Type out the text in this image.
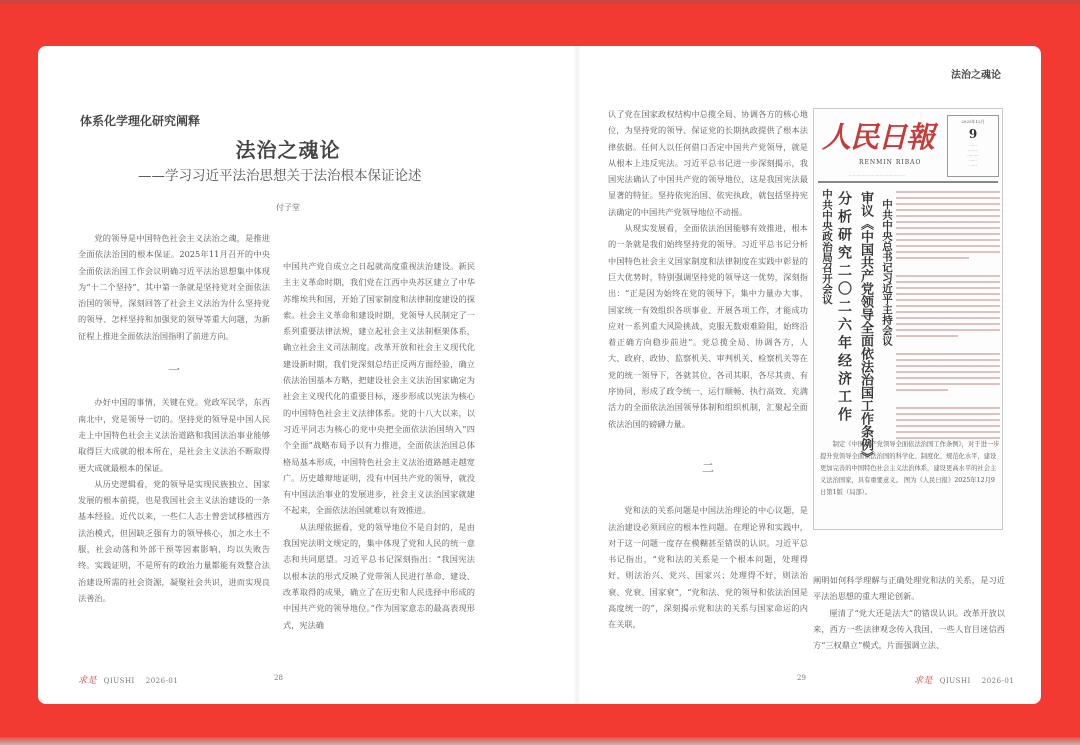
法治之魂论
体系化学理化研究阐释
法治之魂论
——学习习近平法治思想关于法治根本保证论述
付子堂

党的领导是中国特色社会主义法治之魂，是推进全面依法治国的根本保证。2025年11月召开的中央全面依法治国工作会议明确习近平法治思想集中体现为“十二个坚持”，其中第一条就是坚持党对全面依法治国的领导，深刻回答了社会主义法治为什么坚持党的领导、怎样坚持和加强党的领导等重大问题，为新征程上推进全面依法治国指明了前进方向。

一

办好中国的事情，关键在党。党政军民学，东西南北中，党是领导一切的。坚持党的领导是中国人民走上中国特色社会主义法治道路和我国法治事业能够取得巨大成就的根本所在，是社会主义法治不断取得更大成就最根本的保证。

从历史逻辑看，党的领导是实现民族独立、国家发展的根本前提，也是我国社会主义法治建设的一条基本经验。近代以来，一些仁人志士曾尝试移植西方法治模式，但因缺乏强有力的领导核心，加之水土不服，社会动荡和外部干预等因素影响，均以失败告终。实践证明，不是所有的政治力量都能有效整合法治建设所需的社会资源，凝聚社会共识，进而实现良法善治。

中国共产党自成立之日起就高度重视法治建设。新民主主义革命时期，我们党在江西中央苏区建立了中华苏维埃共和国，开始了国家制度和法律制度建设的探索。社会主义革命和建设时期，党领导人民制定了一系列重要法律法规，建立起社会主义法制框架体系，确立社会主义司法制度。改革开放和社会主义现代化建设新时期，我们党深刻总结正反两方面经验，确立依法治国基本方略，把建设社会主义法治国家确定为社会主义现代化的重要目标，逐步形成以宪法为核心的中国特色社会主义法律体系。党的十八大以来，以习近平同志为核心的党中央把全面依法治国纳入“四个全面”战略布局予以有力推进，全面依法治国总体格局基本形成，中国特色社会主义法治道路越走越宽广。历史雄辩地证明，没有中国共产党的领导，就没有中国法治事业的发展进步，社会主义法治国家就建不起来，全面依法治国就难以有效推进。

从法理依据看，党的领导地位不是自封的，是由我国宪法明文规定的，集中体现了党和人民的统一意志和共同愿望。习近平总书记深刻指出：“我国宪法以根本法的形式反映了党带领人民进行革命、建设、改革取得的成果，确立了在历史和人民选择中形成的中国共产党的领导地位。”作为国家意志的最高表现形式，宪法确

认了党在国家政权结构中总揽全局、协调各方的核心地位，为坚持党的领导、保证党的长期执政提供了根本法律依据。任何人以任何借口否定中国共产党领导，就是从根本上违反宪法。习近平总书记进一步深刻揭示，我国宪法确认了中国共产党的领导地位，这是我国宪法最显著的特征。坚持依宪治国、依宪执政，就包括坚持宪法确定的中国共产党领导地位不动摇。

从现实发展看，全面依法治国能够有效推进，根本的一条就是我们始终坚持党的领导。习近平总书记分析中国特色社会主义国家制度和法律制度在实践中彰显的巨大优势时，特别强调坚持党的领导这一优势，深刻指出：“正是因为始终在党的领导下，集中力量办大事，国家统一有效组织各项事业、开展各项工作，才能成功应对一系列重大风险挑战，克服无数艰难险阻，始终沿着正确方向稳步前进”。党总揽全局、协调各方，人大、政府、政协、监察机关、审判机关、检察机关等在党的统一领导下，各就其位、各司其职、各尽其责、有序协同，形成了政令统一、运行顺畅、执行高效、充满活力的全面依法治国领导体制和组织机制，汇聚起全面依法治国的磅礴力量。

二

党和法的关系问题是中国法治理论的中心议题，是法治建设必须回应的根本性问题。在理论界和实践中，对于这一问题一度存在模糊甚至错误的认识。习近平总书记指出，“党和法的关系是一个根本问题，处理得好，则法治兴、党兴、国家兴；处理得不好，则法治衰、党衰、国家衰”，“党和法、党的领导和依法治国是高度统一的”，深刻揭示党和法的关系与国家命运的内在关联，

人民日報
RENMIN RIBAO
············································
2025年12月
9
······
········
·········
······
······
中共中央政治局召开会议 分析研究二〇二六年经济工作 审议《中国共产党领导全面依法治国工作条例》 中共中央总书记习近平主持会议

制定《中国共产党领导全面依法治国工作条例》，对于进一步提升党领导全面依法治国的科学化、制度化、规范化水平，建设更加完善的中国特色社会主义法治体系，建设更高水平的社会主义法治国家，具有重要意义。 图为《人民日报》2025年12月9日第1版（局部）。

阐明如何科学理解与正确处理党和法的关系，是习近平法治思想的重大理论创新。

厘清了“党大还是法大”的错误认识。改革开放以来，西方一些法律观念传入我国，一些人盲目迷信西方“三权鼎立”模式，片面强调立法、

求是 QIUSHI 2026-01	28	29	求是 QIUSHI 2026-01
